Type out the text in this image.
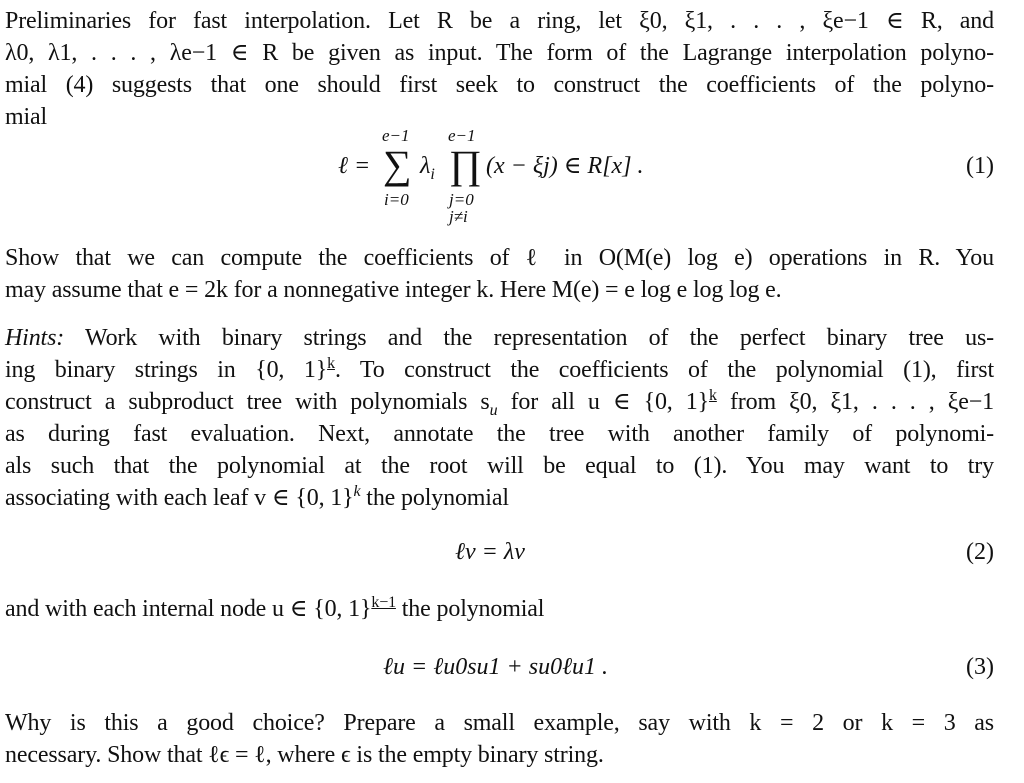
Preliminaries for fast interpolation. Let R be a ring, let ξ0, ξ1, . . . , ξe−1 ∈ R, and
λ0, λ1, . . . , λe−1 ∈ R be given as input. The form of the Lagrange interpolation polyno-
mial (4) suggests that one should first seek to construct the coefficients of the polyno-
mial
ℓ =
e−1
∑
i=0
$\lambda_i$
e−1
∏
j=0
j≠i
(x − ξj) ∈ R[x] .	(1)
Show that we can compute the coefficients of ℓ in O(M(e) log e) operations in R. You
may assume that e = 2k for a nonnegative integer k. Here M(e) = e log e log log e.
Hints: Work with binary strings and the representation of the perfect binary tree us-
ing binary strings in {0, 1}$^k$. To construct the coefficients of the polynomial (1), first
construct a subproduct tree with polynomials $s_u$ for all u ∈ {0, 1}$^k$ from ξ0, ξ1, . . . , ξe−1
as during fast evaluation. Next, annotate the tree with another family of polynomi-
als such that the polynomial at the root will be equal to (1). You may want to try
associating with each leaf v ∈ {0, 1}$^k$ the polynomial
ℓv = λv	(2)
and with each internal node u ∈ {0, 1}$^{k-1}$ the polynomial
ℓu = ℓu0su1 + su0ℓu1 .	(3)
Why is this a good choice? Prepare a small example, say with k = 2 or k = 3 as
necessary. Show that ℓϵ = ℓ, where ϵ is the empty binary string.
